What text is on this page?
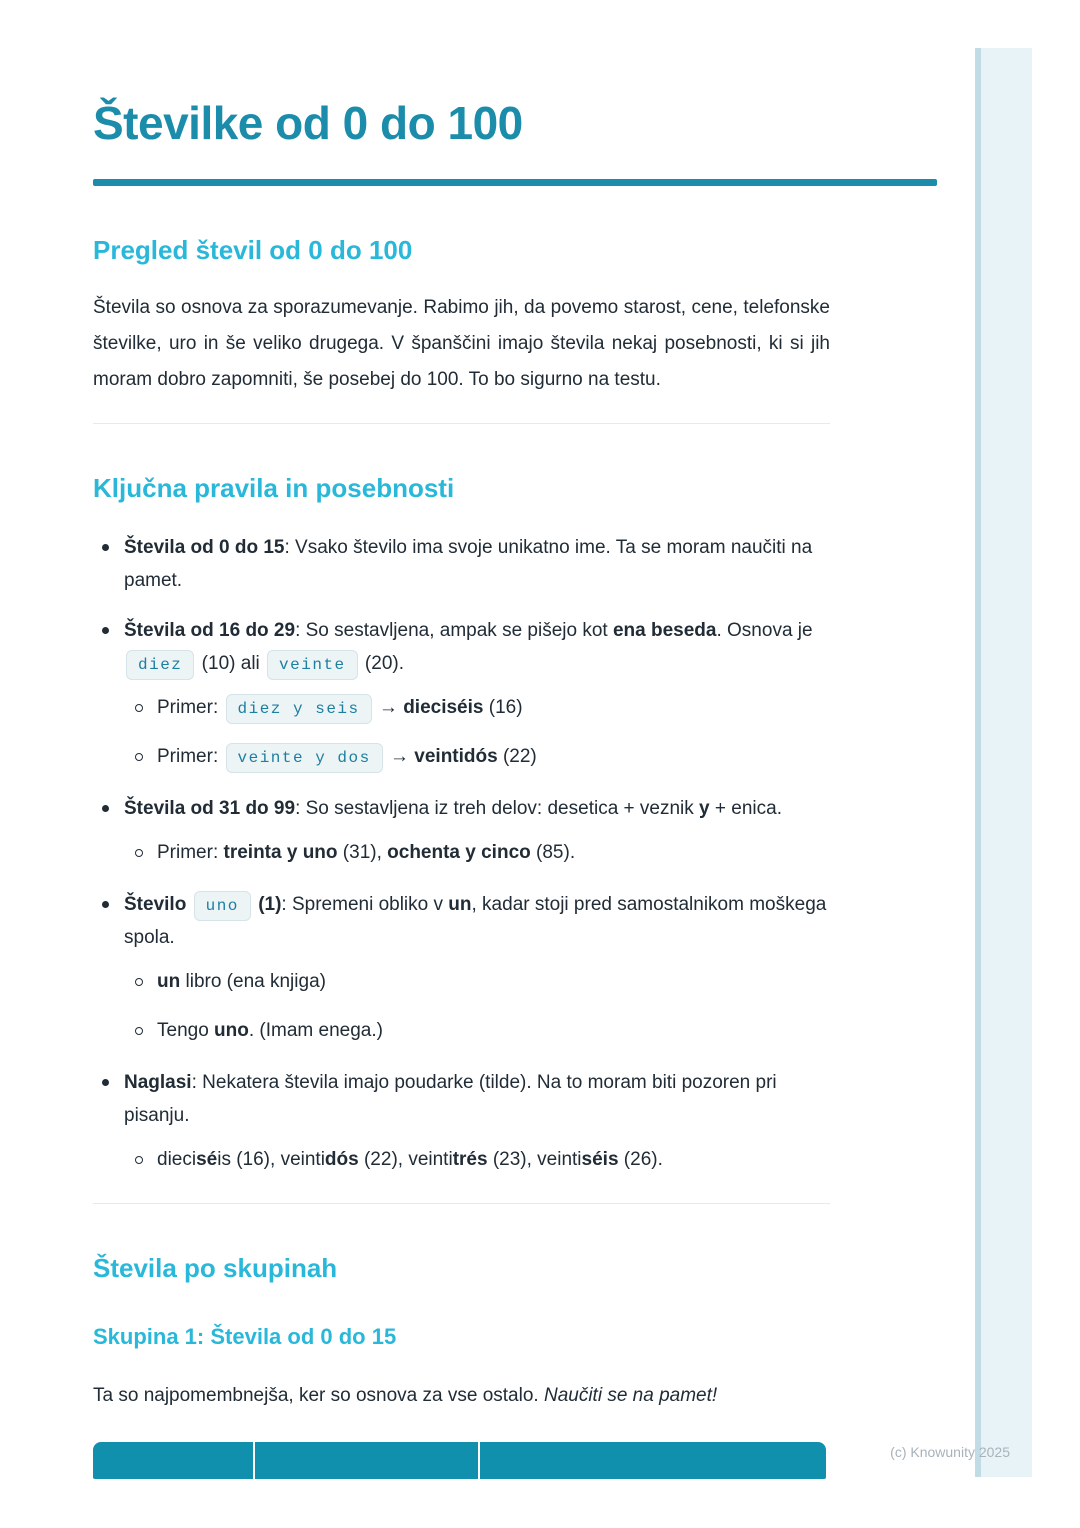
Številke od 0 do 100
Pregled števil od 0 do 100

Števila so osnova za sporazumevanje. Rabimo jih, da povemo starost, cene, telefonske številke, uro in še veliko drugega. V španščini imajo števila nekaj posebnosti, ki si jih moram dobro zapomniti, še posebej do 100. To bo sigurno na testu.

Ključna pravila in posebnosti
Števila od 0 do 15: Vsako število ima svoje unikatno ime. Ta se moram naučiti na pamet.
Števila od 16 do 29: So sestavljena, ampak se pišejo kot ena beseda. Osnova je diez (10) ali veinte (20).
Primer: diez y seis → dieciséis (16)
Primer: veinte y dos → veintidós (22)
Števila od 31 do 99: So sestavljena iz treh delov: desetica + veznik y + enica.
Primer: treinta y uno (31), ochenta y cinco (85).
Število uno (1): Spremeni obliko v un, kadar stoji pred samostalnikom moškega spola.
un libro (ena knjiga)
Tengo uno. (Imam enega.)
Naglasi: Nekatera števila imajo poudarke (tilde). Na to moram biti pozoren pri pisanju.
dieciséis (16), veintidós (22), veintitrés (23), veintiséis (26).
Števila po skupinah
Skupina 1: Števila od 0 do 15

Ta so najpomembnejša, ker so osnova za vse ostalo. Naučiti se na pamet!

(c) Knowunity 2025
